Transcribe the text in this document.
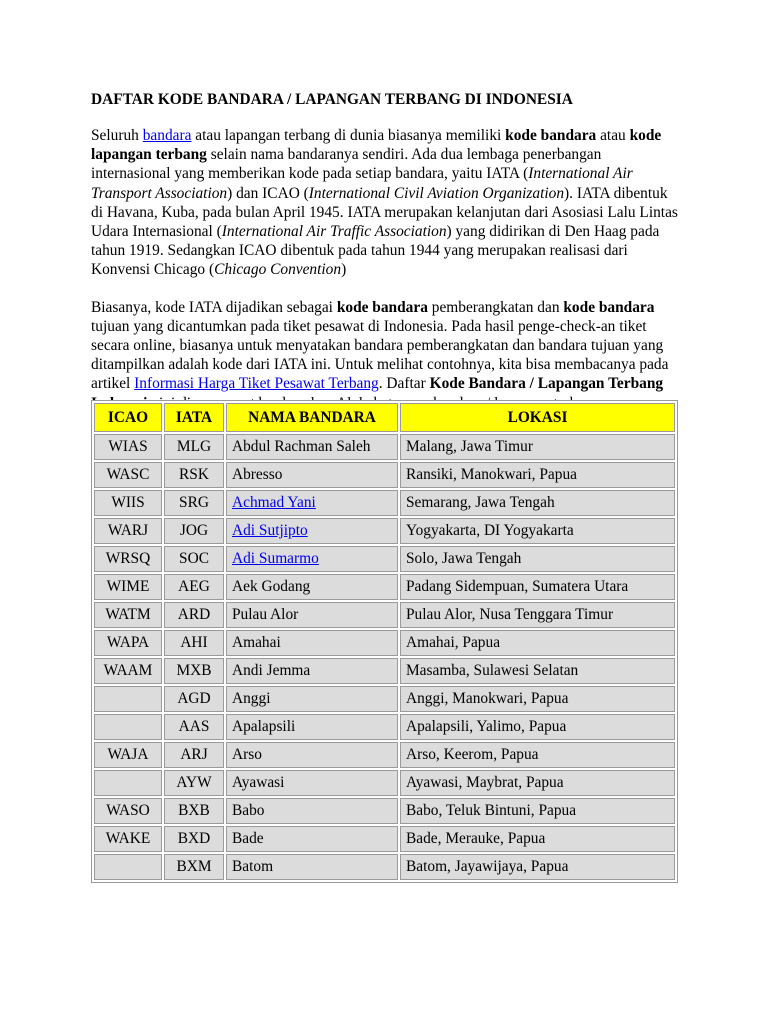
DAFTAR KODE BANDARA / LAPANGAN TERBANG DI INDONESIA

Seluruh bandara atau lapangan terbang di dunia biasanya memiliki kode bandara atau kode lapangan terbang selain nama bandaranya sendiri. Ada dua lembaga penerbangan internasional yang memberikan kode pada setiap bandara, yaitu IATA (International Air Transport Association) dan ICAO (International Civil Aviation Organization). IATA dibentuk di Havana, Kuba, pada bulan April 1945. IATA merupakan kelanjutan dari Asosiasi Lalu Lintas Udara Internasional (International Air Traffic Association) yang didirikan di Den Haag pada tahun 1919. Sedangkan ICAO dibentuk pada tahun 1944 yang merupakan realisasi dari Konvensi Chicago (Chicago Convention)

Biasanya, kode IATA dijadikan sebagai kode bandara pemberangkatan dan kode bandara tujuan yang dicantumkan pada tiket pesawat di Indonesia. Pada hasil penge-check-an tiket secara online, biasanya untuk menyatakan bandara pemberangkatan dan bandara tujuan yang ditampilkan adalah kode dari IATA ini. Untuk melihat contohnya, kita bisa membacanya pada artikel Informasi Harga Tiket Pesawat Terbang. Daftar Kode Bandara / Lapangan Terbang

ICAO	IATA	NAMA BANDARA	LOKASI
WIAS	MLG	Abdul Rachman Saleh	Malang, Jawa Timur
WASC	RSK	Abresso	Ransiki, Manokwari, Papua
WIIS	SRG	Achmad Yani	Semarang, Jawa Tengah
WARJ	JOG	Adi Sutjipto	Yogyakarta, DI Yogyakarta
WRSQ	SOC	Adi Sumarmo	Solo, Jawa Tengah
WIME	AEG	Aek Godang	Padang Sidempuan, Sumatera Utara
WATM	ARD	Pulau Alor	Pulau Alor, Nusa Tenggara Timur
WAPA	AHI	Amahai	Amahai, Papua
WAAM	MXB	Andi Jemma	Masamba, Sulawesi Selatan
	AGD	Anggi	Anggi, Manokwari, Papua
	AAS	Apalapsili	Apalapsili, Yalimo, Papua
WAJA	ARJ	Arso	Arso, Keerom, Papua
	AYW	Ayawasi	Ayawasi, Maybrat, Papua
WASO	BXB	Babo	Babo, Teluk Bintuni, Papua
WAKE	BXD	Bade	Bade, Merauke, Papua
	BXM	Batom	Batom, Jayawijaya, Papua
